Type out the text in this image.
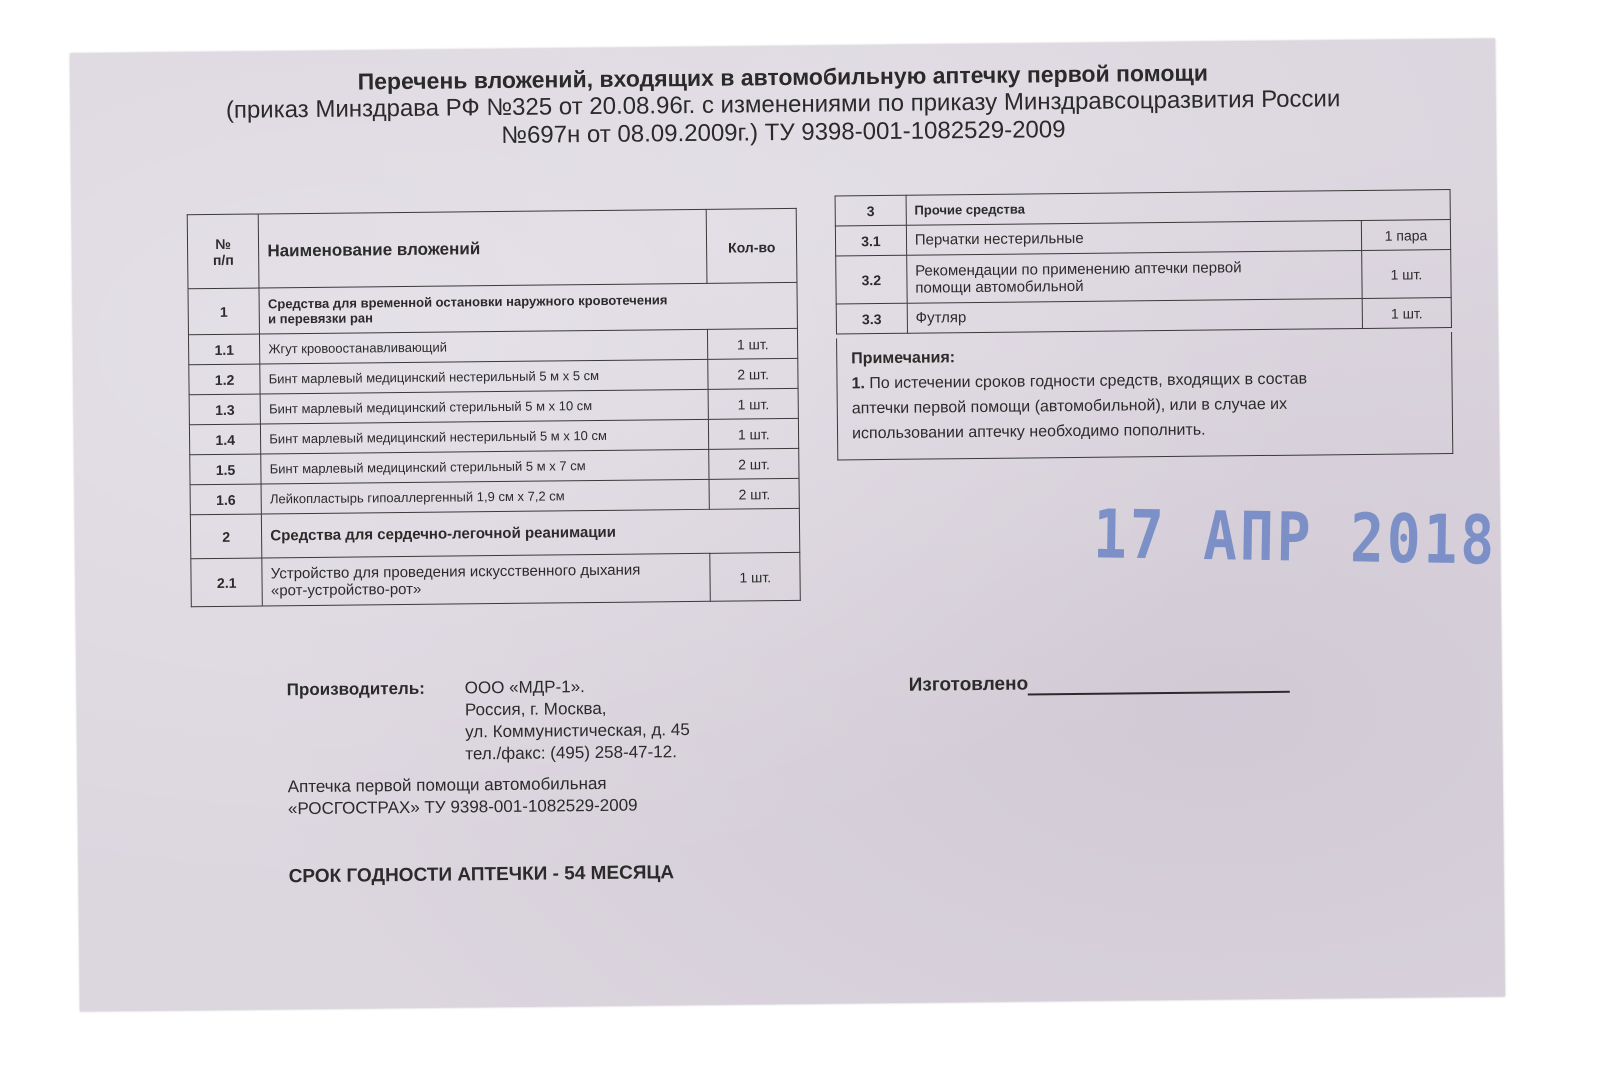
Перечень вложений, входящих в автомобильную аптечку первой помощи
(приказ Минздрава РФ №325 от 20.08.96г. с изменениями по приказу Минздравсоцразвития России
№697н от 08.09.2009г.) ТУ 9398-001-1082529-2009
№
п/п	Наименование вложений	Кол-во
1	Средства для временной остановки наружного кровотечения
и перевязки ран	
1.1	Жгут кровоостанавливающий	1 шт.
1.2	Бинт марлевый медицинский нестерильный 5 м х 5 см	2 шт.
1.3	Бинт марлевый медицинский стерильный 5 м х 10 см	1 шт.
1.4	Бинт марлевый медицинский нестерильный 5 м х 10 см	1 шт.
1.5	Бинт марлевый медицинский стерильный 5 м х 7 см	2 шт.
1.6	Лейкопластырь гипоаллергенный 1,9 см х 7,2 см	2 шт.
2	Средства для сердечно-легочной реанимации	
2.1	Устройство для проведения искусственного дыхания
«рот-устройство-рот»	1 шт.
3	Прочие средства	
3.1	Перчатки нестерильные	1 пара
3.2	Рекомендации по применению аптечки первой
помощи автомобильной	1 шт.
3.3	Футляр	1 шт.
Примечания:
1. По истечении сроков годности средств, входящих в состав
аптечки первой помощи (автомобильной), или в случае их
использовании аптечку необходимо пополнить.
17 АПР 2018
Производитель: ООО «МДР-1».
Россия, г. Москва,
ул. Коммунистическая, д. 45
тел./факс: (495) 258-47-12.
Аптечка первой помощи автомобильная
«РОСГОСТРАХ» ТУ 9398-001-1082529-2009
СРОК ГОДНОСТИ АПТЕЧКИ - 54 МЕСЯЦА
Изготовлено
